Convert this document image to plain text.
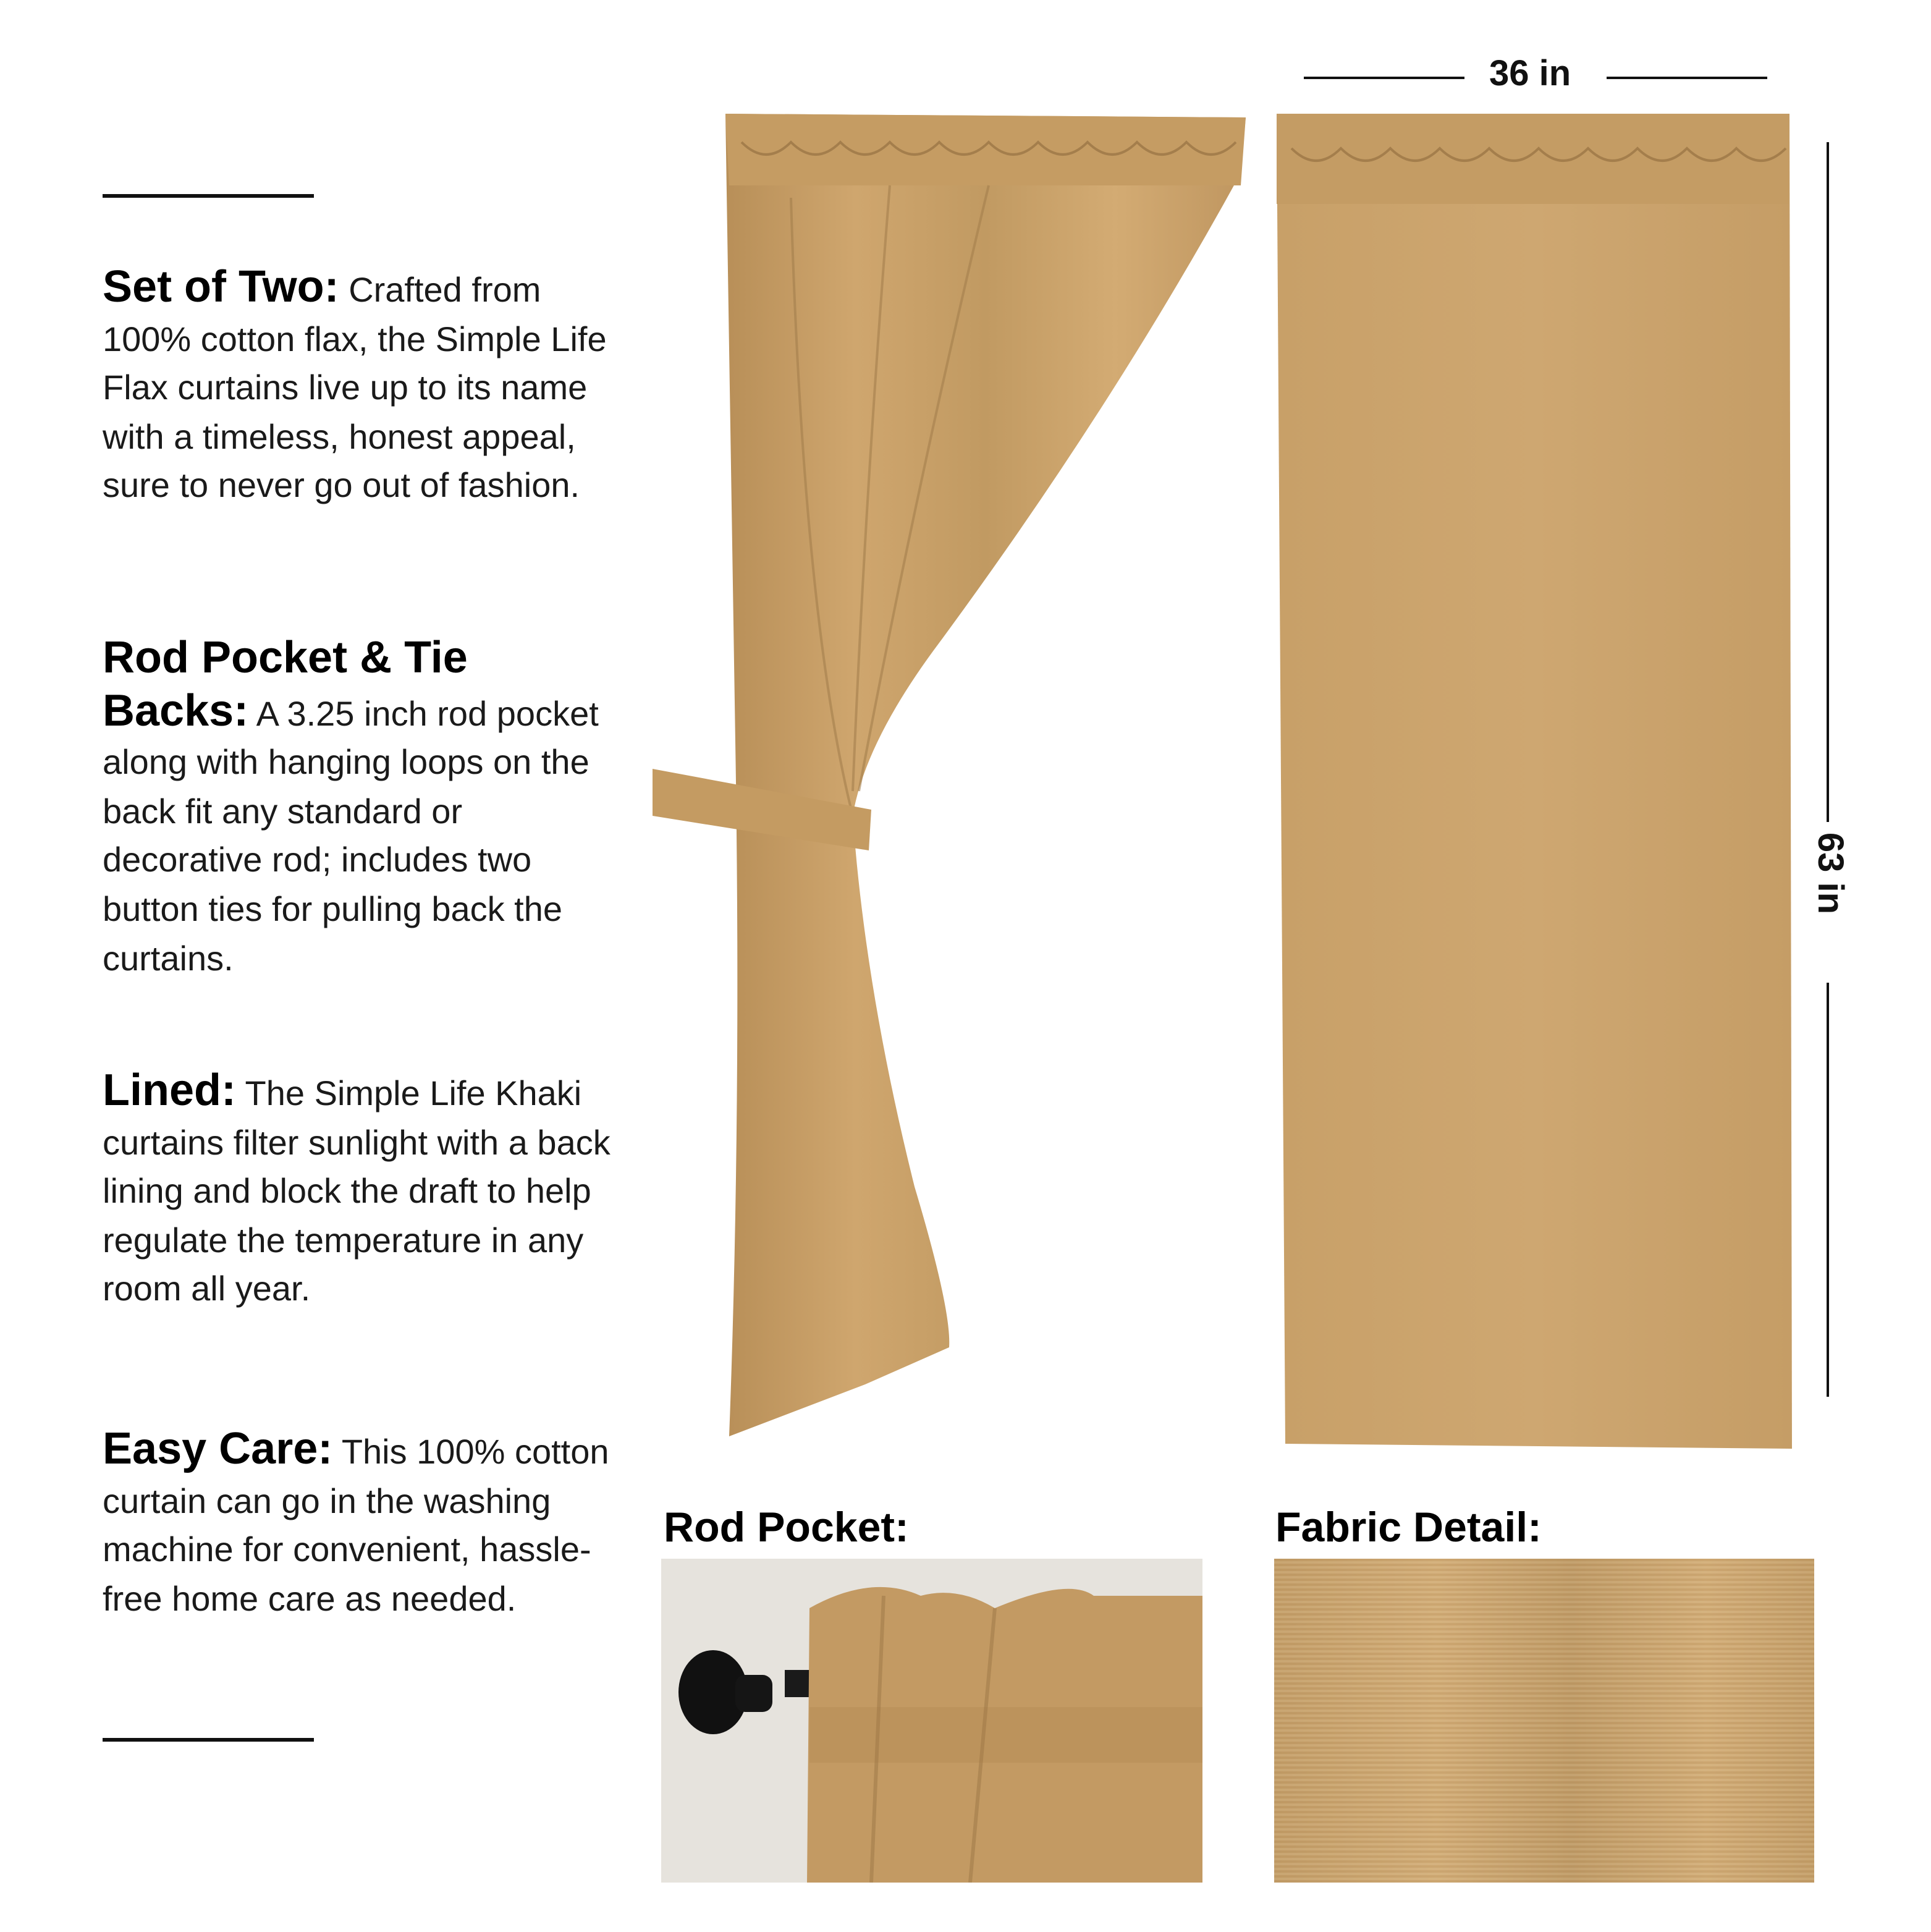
Set of Two: Crafted from 100% cotton flax, the Simple Life Flax curtains live up to its name with a timeless, honest appeal, sure to never go out of fashion.
Rod Pocket & Tie Backs: A 3.25 inch rod pocket along with hanging loops on the back fit any standard or decorative rod; includes two button ties for pulling back the curtains.
Lined: The Simple Life Khaki curtains filter sunlight with a back lining and block the draft to help regulate the temperature in any room all year.
Easy Care: This 100% cotton curtain can go in the washing machine for convenient, hassle-free home care as needed.
36 in
63 in
Rod Pocket:	Fabric Detail:
